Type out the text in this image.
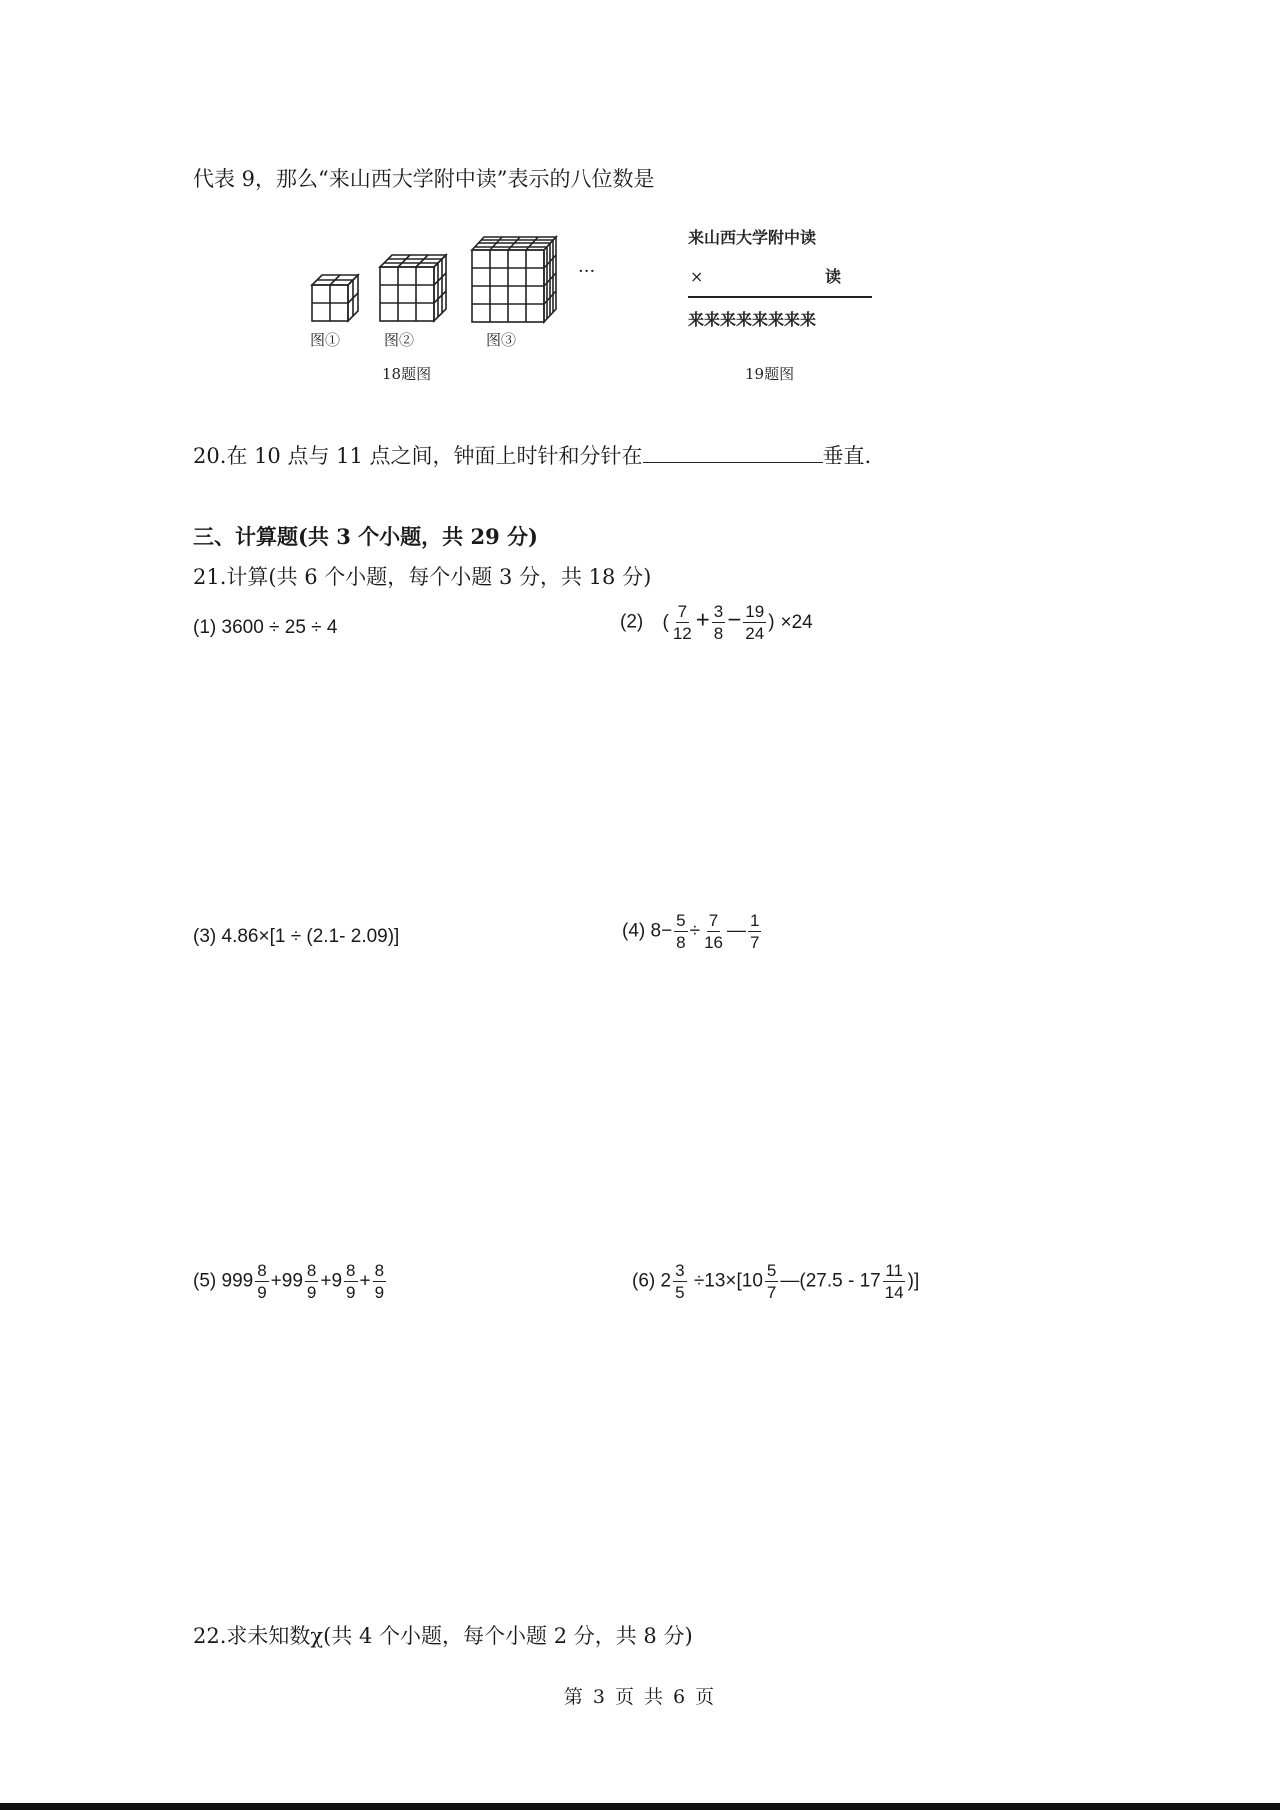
代表 9，那么“来山西大学附中读”表示的八位数是
···
图①	图②	图③
18题图
来山西大学附中读
×	读
来来来来来来来来
19题图
20.在 10 点与 11 点之间，钟面上时针和分针在	垂直.
三、计算题(共 3 个小题，共 29 分)
21.计算(共 6 个小题，每个小题 3 分，共 18 分)
(1) 3600 ÷ 25 ÷ 4	(2) ( $\frac{7}{12} + \frac{3}{8} - \frac{19}{24}$ ) ×24
(3) 4.86×[1 ÷ (2.1- 2.09)]	(4) $8- \frac{5}{8} \div \frac{7}{16}$ — $\frac{1}{7}$
(5) $999 \frac{8}{9} +99 \frac{8}{9} +9 \frac{8}{9} + \frac{8}{9}$	(6) $2 \frac{3}{5} \div 13\times[10 \frac{5}{7}$ —(27.5 - $17 \frac{11}{14}$ )]
22.求未知数χ(共 4 个小题，每个小题 2 分，共 8 分)
第 3 页 共 6 页
